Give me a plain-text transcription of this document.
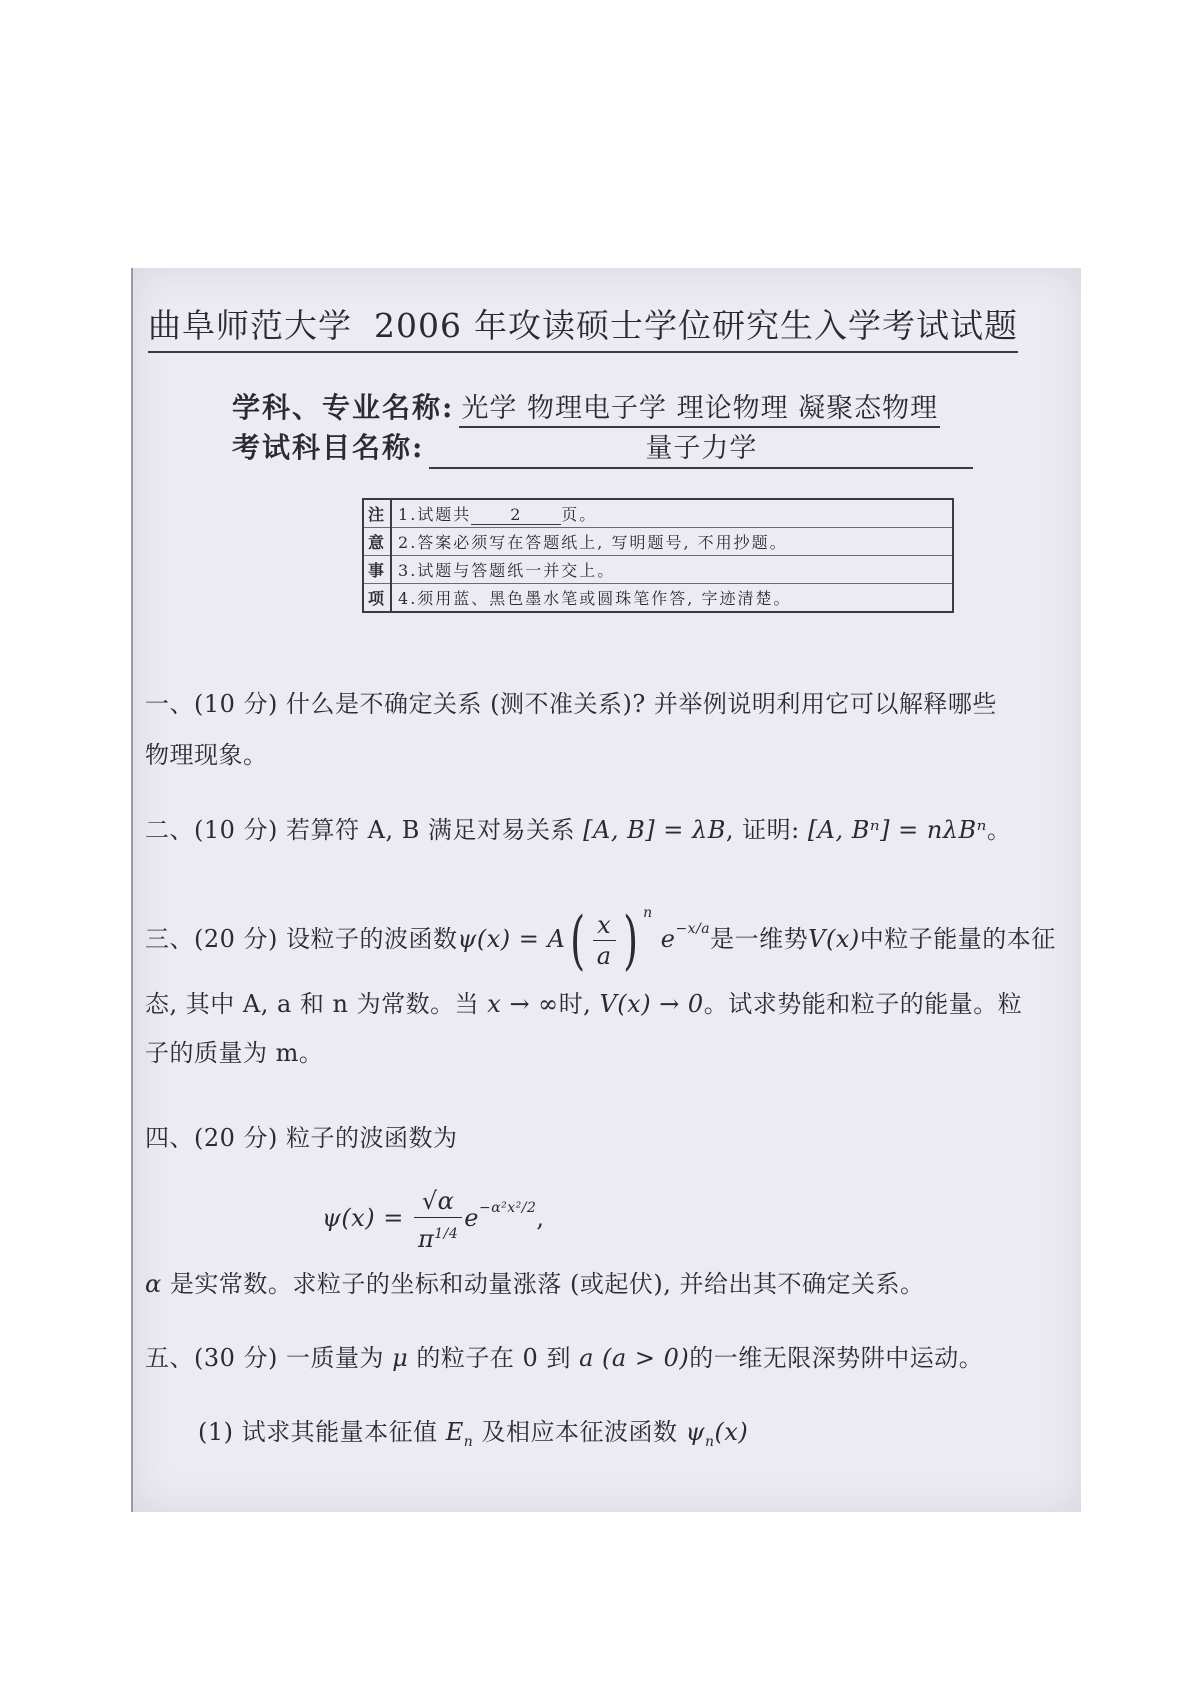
曲阜师范大学 2006 年攻读硕士学位研究生入学考试试题
学科、专业名称: 光学 物理电子学 理论物理 凝聚态物理
考试科目名称:	量子力学
注	1.试题共 2 页。
意	2.答案必须写在答题纸上, 写明题号, 不用抄题。
事	3.试题与答题纸一并交上。
项	4.须用蓝、黑色墨水笔或圆珠笔作答, 字迹清楚。
一、(10 分) 什么是不确定关系 (测不准关系)? 并举例说明利用它可以解释哪些
物理现象。
二、(10 分) 若算符 A, B 满足对易关系 [A, B] = λB, 证明: [A, Bⁿ] = nλBⁿ。
三、(20 分) 设粒子的波函数$\psi(x) = A( \frac{x}{a}$ ) $^n$ $e^{-x/a}$是一维势V(x)中粒子能量的本征
态, 其中 A, a 和 n 为常数。当 x → ∞时, V(x) → 0。试求势能和粒子的能量。粒
子的质量为 m。
四、(20 分) 粒子的波函数为
$\psi(x) = \frac{√\alpha}{\pi^{1/4}} e^{-\alpha^2x^2/2}$,
α 是实常数。求粒子的坐标和动量涨落 (或起伏), 并给出其不确定关系。
五、(30 分) 一质量为 μ 的粒子在 0 到 a (a > 0)的一维无限深势阱中运动。
(1) 试求其能量本征值 $E_n$ 及相应本征波函数 $\psi_n(x)$
